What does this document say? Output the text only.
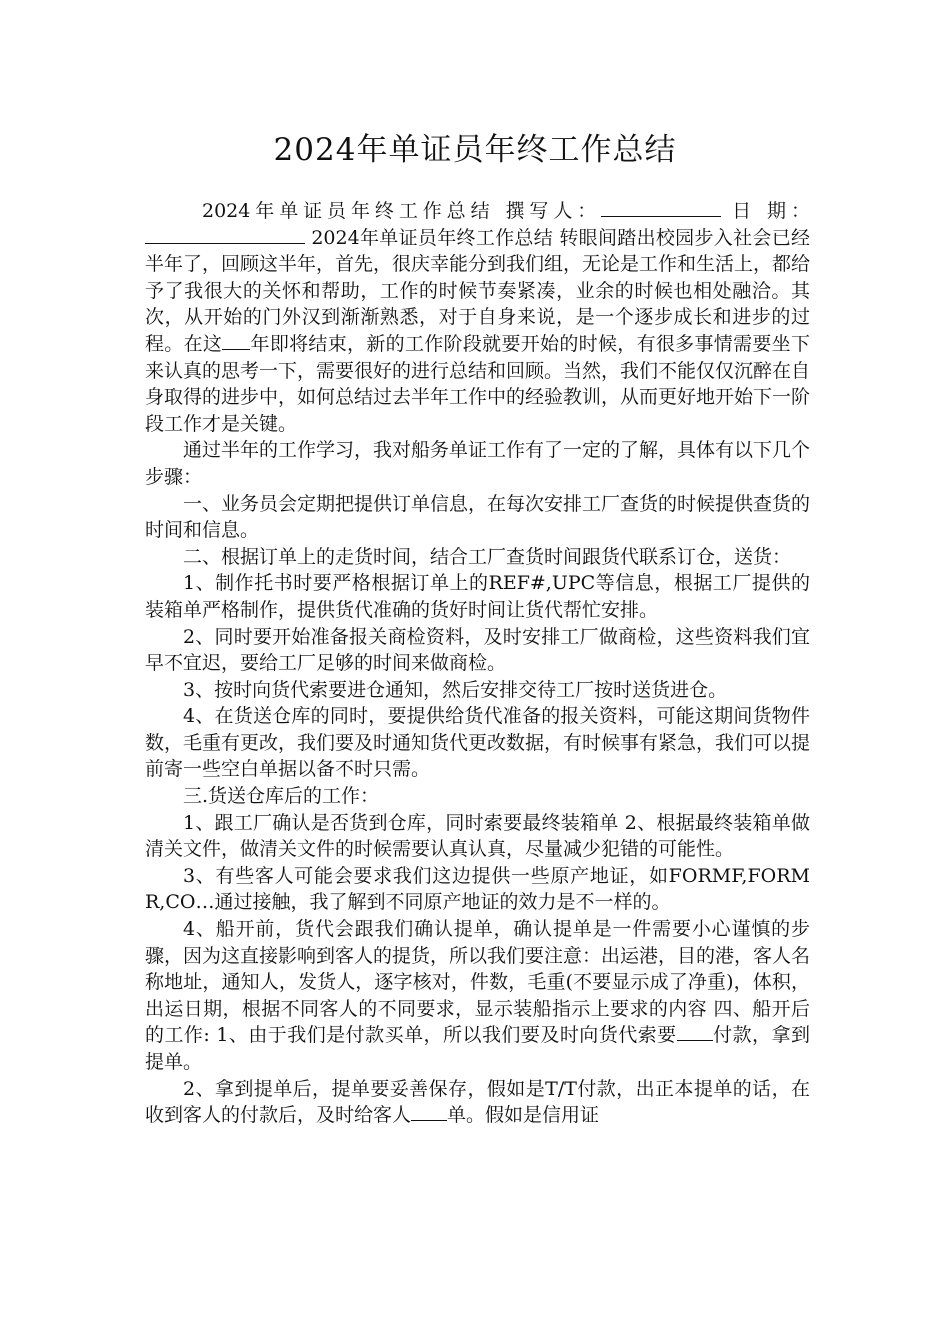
2024年单证员年终工作总结

2024年单证员年终工作总结 撰写人：	日 期： 2024年单证员年终工作总结 转眼间踏出校园步入社会已经半年了，回顾这半年，首先，很庆幸能分到我们组，无论是工作和生活上，都给予了我很大的关怀和帮助，工作的时候节奏紧凑，业余的时候也相处融洽。其次，从开始的门外汉到渐渐熟悉，对于自身来说，是一个逐步成长和进步的过程。在这 年即将结束，新的工作阶段就要开始的时候，有很多事情需要坐下来认真的思考一下，需要很好的进行总结和回顾。当然，我们不能仅仅沉醉在自身取得的进步中，如何总结过去半年工作中的经验教训，从而更好地开始下一阶段工作才是关键。

通过半年的工作学习，我对船务单证工作有了一定的了解，具体有以下几个步骤：

一、业务员会定期把提供订单信息，在每次安排工厂查货的时候提供查货的时间和信息。

二、根据订单上的走货时间，结合工厂查货时间跟货代联系订仓，送货：

1、制作托书时要严格根据订单上的REF#,UPC等信息，根据工厂提供的装箱单严格制作，提供货代准确的货好时间让货代帮忙安排。

2、同时要开始准备报关商检资料，及时安排工厂做商检，这些资料我们宜早不宜迟，要给工厂足够的时间来做商检。

3、按时向货代索要进仓通知，然后安排交待工厂按时送货进仓。

4、在货送仓库的同时，要提供给货代准备的报关资料，可能这期间货物件数，毛重有更改，我们要及时通知货代更改数据，有时候事有紧急，我们可以提前寄一些空白单据以备不时只需。

三.货送仓库后的工作：

1、跟工厂确认是否货到仓库，同时索要最终装箱单 2、根据最终装箱单做清关文件，做清关文件的时候需要认真认真，尽量减少犯错的可能性。

3、有些客人可能会要求我们这边提供一些原产地证，如FORMF,FORMR,CO…通过接触，我了解到不同原产地证的效力是不一样的。

4、船开前，货代会跟我们确认提单，确认提单是一件需要小心谨慎的步骤，因为这直接影响到客人的提货，所以我们要注意：出运港，目的港，客人名称地址，通知人，发货人，逐字核对，件数，毛重(不要显示成了净重)，体积，出运日期，根据不同客人的不同要求，显示装船指示上要求的内容 四、船开后的工作: 1、由于我们是付款买单，所以我们要及时向货代索要 付款，拿到提单。

2、拿到提单后，提单要妥善保存，假如是T/T付款，出正本提单的话，在收到客人的付款后，及时给客人 单。假如是信用证
